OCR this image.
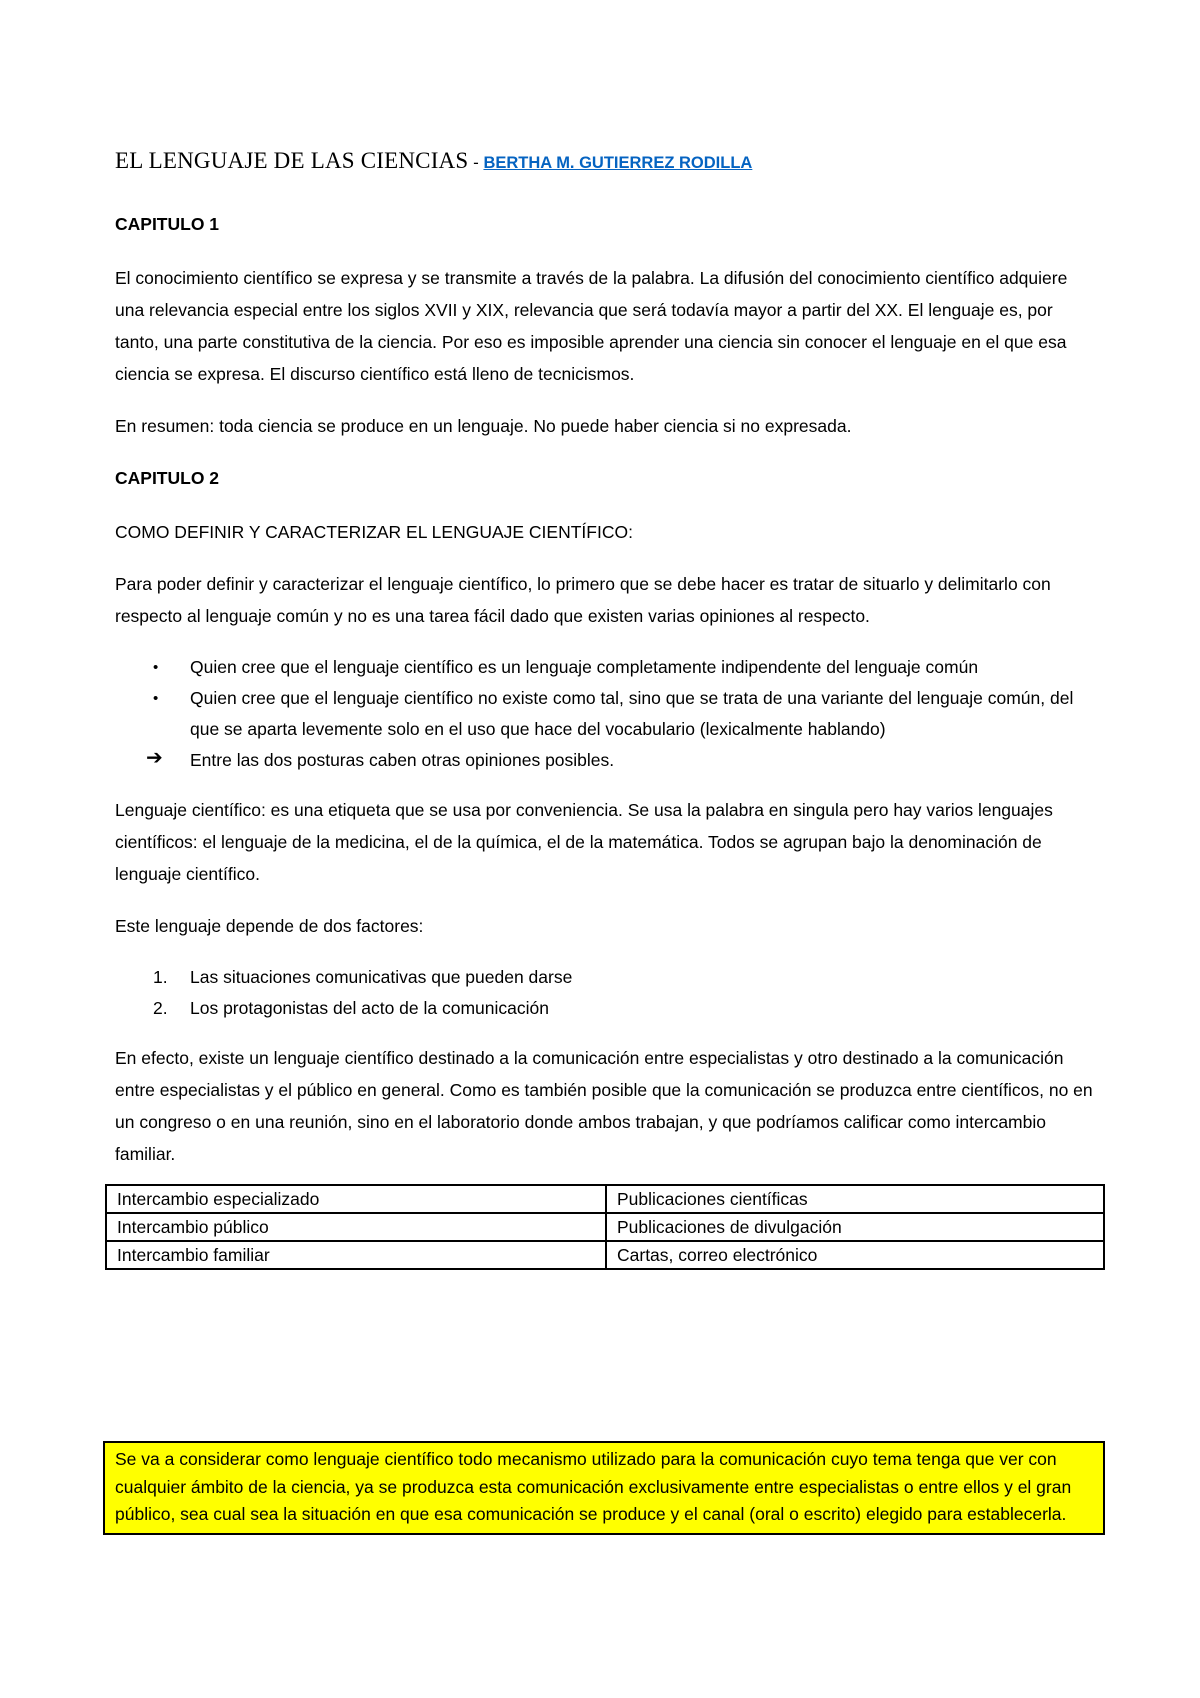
EL LENGUAJE DE LAS CIENCIAS - BERTHA M. GUTIERREZ RODILLA

CAPITULO 1

El conocimiento científico se expresa y se transmite a través de la palabra. La difusión del conocimiento científico adquiere una relevancia especial entre los siglos XVII y XIX, relevancia que será todavía mayor a partir del XX. El lenguaje es, por tanto, una parte constitutiva de la ciencia. Por eso es imposible aprender una ciencia sin conocer el lenguaje en el que esa ciencia se expresa. El discurso científico está lleno de tecnicismos.

En resumen: toda ciencia se produce en un lenguaje. No puede haber ciencia si no expresada.

CAPITULO 2

COMO DEFINIR Y CARACTERIZAR EL LENGUAJE CIENTÍFICO:

Para poder definir y caracterizar el lenguaje científico, lo primero que se debe hacer es tratar de situarlo y delimitarlo con respecto al lenguaje común y no es una tarea fácil dado que existen varias opiniones al respecto.

• Quien cree que el lenguaje científico es un lenguaje completamente indipendente del lenguaje común
• Quien cree que el lenguaje científico no existe como tal, sino que se trata de una variante del lenguaje común, del que se aparta levemente solo en el uso que hace del vocabulario (lexicalmente hablando)
➔ Entre las dos posturas caben otras opiniones posibles.

Lenguaje científico: es una etiqueta que se usa por conveniencia. Se usa la palabra en singula pero hay varios lenguajes científicos: el lenguaje de la medicina, el de la química, el de la matemática. Todos se agrupan bajo la denominación de lenguaje científico.

Este lenguaje depende de dos factores:

1. Las situaciones comunicativas que pueden darse
2. Los protagonistas del acto de la comunicación

En efecto, existe un lenguaje científico destinado a la comunicación entre especialistas y otro destinado a la comunicación entre especialistas y el público en general. Como es también posible que la comunicación se produzca entre científicos, no en un congreso o en una reunión, sino en el laboratorio donde ambos trabajan, y que podríamos calificar como intercambio familiar.

Intercambio especializado	Publicaciones científicas
Intercambio público	Publicaciones de divulgación
Intercambio familiar	Cartas, correo electrónico
Se va a considerar como lenguaje científico todo mecanismo utilizado para la comunicación cuyo tema tenga que ver con cualquier ámbito de la ciencia, ya se produzca esta comunicación exclusivamente entre especialistas o entre ellos y el gran público, sea cual sea la situación en que esa comunicación se produce y el canal (oral o escrito) elegido para establecerla.
